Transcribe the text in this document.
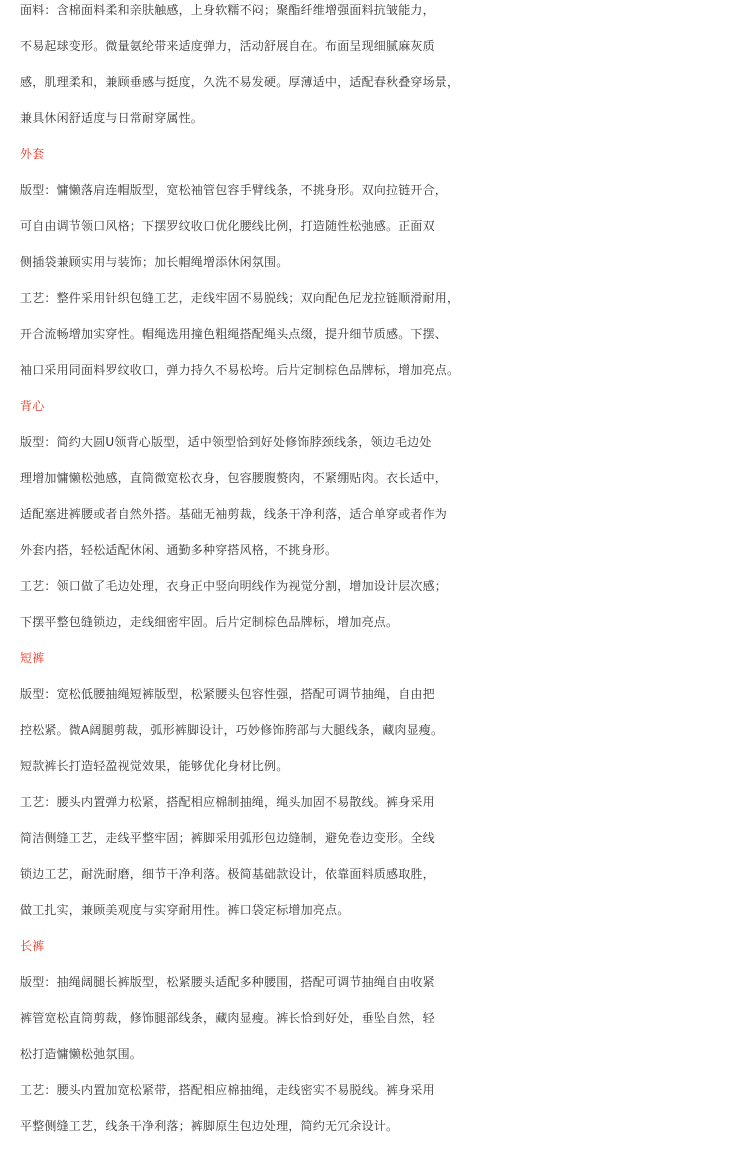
面料：含棉面料柔和亲肤触感，上身软糯不闷；聚酯纤维增强面料抗皱能力，
不易起球变形。微量氨纶带来适度弹力，活动舒展自在。布面呈现细腻麻灰质
感，肌理柔和，兼顾垂感与挺度，久洗不易发硬。厚薄适中，适配春秋叠穿场景，
兼具休闲舒适度与日常耐穿属性。
外套
版型：慵懒落肩连帽版型，宽松袖管包容手臂线条，不挑身形。双向拉链开合，
可自由调节领口风格；下摆罗纹收口优化腰线比例，打造随性松弛感。正面双
侧插袋兼顾实用与装饰；加长帽绳增添休闲氛围。
工艺：整件采用针织包缝工艺，走线牢固不易脱线；双向配色尼龙拉链顺滑耐用，
开合流畅增加实穿性。帽绳选用撞色粗绳搭配绳头点缀，提升细节质感。下摆、
袖口采用同面料罗纹收口，弹力持久不易松垮。后片定制棕色品牌标，增加亮点。
背心
版型：简约大圆U领背心版型，适中领型恰到好处修饰脖颈线条，领边毛边处
理增加慵懒松弛感，直筒微宽松衣身，包容腰腹赘肉，不紧绷贴肉。衣长适中，
适配塞进裤腰或者自然外搭。基础无袖剪裁，线条干净利落，适合单穿或者作为
外套内搭，轻松适配休闲、通勤多种穿搭风格，不挑身形。
工艺：领口做了毛边处理，衣身正中竖向明线作为视觉分割，增加设计层次感；
下摆平整包缝锁边，走线细密牢固。后片定制棕色品牌标，增加亮点。
短裤
版型：宽松低腰抽绳短裤版型，松紧腰头包容性强，搭配可调节抽绳，自由把
控松紧。微A阔腿剪裁，弧形裤脚设计，巧妙修饰胯部与大腿线条，藏肉显瘦。
短款裤长打造轻盈视觉效果，能够优化身材比例。
工艺：腰头内置弹力松紧，搭配相应棉制抽绳，绳头加固不易散线。裤身采用
简洁侧缝工艺，走线平整牢固；裤脚采用弧形包边缝制，避免卷边变形。全线
锁边工艺，耐洗耐磨，细节干净利落。极简基础款设计，依靠面料质感取胜，
做工扎实，兼顾美观度与实穿耐用性。裤口袋定标增加亮点。
长裤
版型：抽绳阔腿长裤版型，松紧腰头适配多种腰围，搭配可调节抽绳自由收紧
裤管宽松直筒剪裁，修饰腿部线条，藏肉显瘦。裤长恰到好处，垂坠自然，轻
松打造慵懒松弛氛围。
工艺：腰头内置加宽松紧带，搭配相应棉抽绳，走线密实不易脱线。裤身采用
平整侧缝工艺，线条干净利落；裤脚原生包边处理，简约无冗余设计。
